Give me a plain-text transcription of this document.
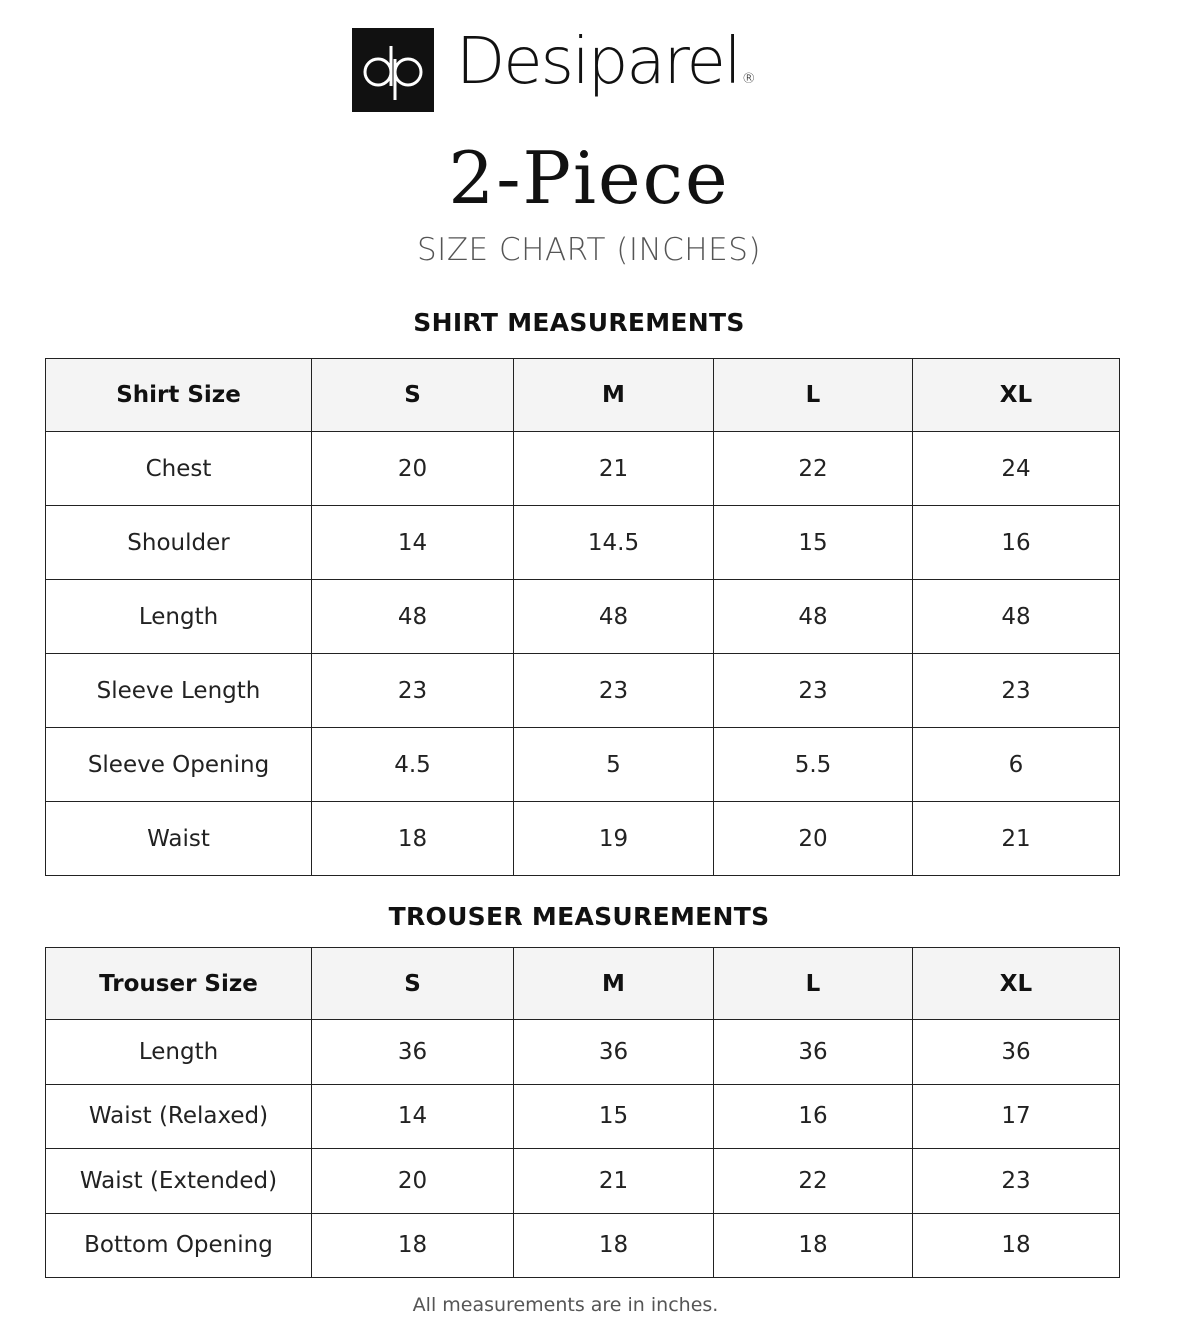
Desiparel ®
2-Piece
SIZE CHART (INCHES)
SHIRT MEASUREMENTS
Shirt Size	S	M	L	XL
Chest	20	21	22	24
Shoulder	14	14.5	15	16
Length	48	48	48	48
Sleeve Length	23	23	23	23
Sleeve Opening	4.5	5	5.5	6
Waist	18	19	20	21
TROUSER MEASUREMENTS
Trouser Size	S	M	L	XL
Length	36	36	36	36
Waist (Relaxed)	14	15	16	17
Waist (Extended)	20	21	22	23
Bottom Opening	18	18	18	18
All measurements are in inches.
